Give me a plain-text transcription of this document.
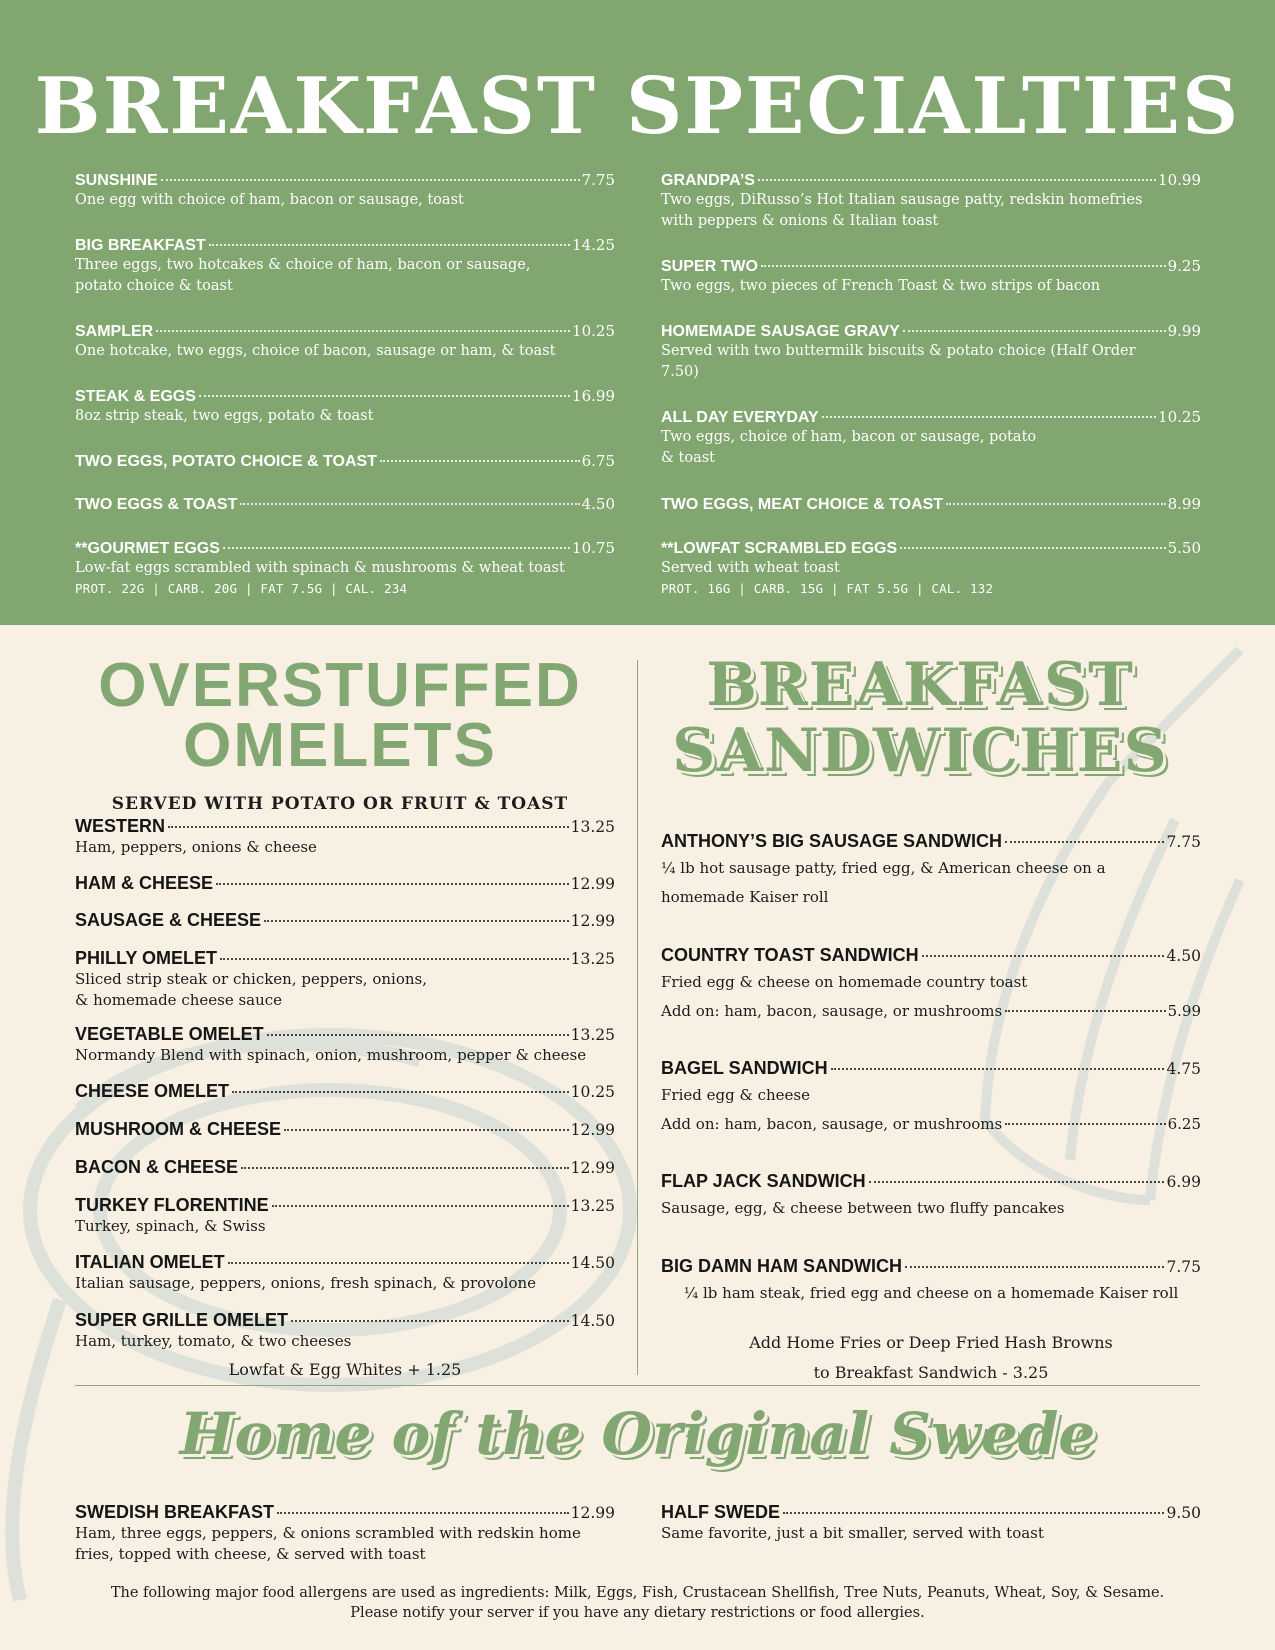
BREAKFAST SPECIALTIES
SUNSHINE	7.75
One egg with choice of ham, bacon or sausage, toast
BIG BREAKFAST	14.25
Three eggs, two hotcakes & choice of ham, bacon or sausage,
potato choice & toast
SAMPLER	10.25
One hotcake, two eggs, choice of bacon, sausage or ham, & toast
STEAK & EGGS	16.99
8oz strip steak, two eggs, potato & toast
TWO EGGS, POTATO CHOICE & TOAST	6.75
TWO EGGS & TOAST	4.50
**GOURMET EGGS	10.75
Low-fat eggs scrambled with spinach & mushrooms & wheat toast
PROT. 22G | CARB. 20G | FAT 7.5G | CAL. 234
GRANDPA’S	10.99
Two eggs, DiRusso’s Hot Italian sausage patty, redskin homefries
with peppers & onions & Italian toast
SUPER TWO	9.25
Two eggs, two pieces of French Toast & two strips of bacon
HOMEMADE SAUSAGE GRAVY	9.99
Served with two buttermilk biscuits & potato choice (Half Order
7.50)
ALL DAY EVERYDAY	10.25
Two eggs, choice of ham, bacon or sausage, potato
& toast
TWO EGGS, MEAT CHOICE & TOAST	8.99
**LOWFAT SCRAMBLED EGGS	5.50
Served with wheat toast
PROT. 16G | CARB. 15G | FAT 5.5G | CAL. 132
OVERSTUFFED
OMELETS
SERVED WITH POTATO OR FRUIT & TOAST
WESTERN	13.25
Ham, peppers, onions & cheese
HAM & CHEESE	12.99
SAUSAGE & CHEESE	12.99
PHILLY OMELET	13.25
Sliced strip steak or chicken, peppers, onions,
& homemade cheese sauce
VEGETABLE OMELET	13.25
Normandy Blend with spinach, onion, mushroom, pepper & cheese
CHEESE OMELET	10.25
MUSHROOM & CHEESE	12.99
BACON & CHEESE	12.99
TURKEY FLORENTINE	13.25
Turkey, spinach, & Swiss
ITALIAN OMELET	14.50
Italian sausage, peppers, onions, fresh spinach, & provolone
SUPER GRILLE OMELET	14.50
Ham, turkey, tomato, & two cheeses
Lowfat & Egg Whites + 1.25
BREAKFAST
SANDWICHES
ANTHONY’S BIG SAUSAGE SANDWICH	7.75
¼ lb hot sausage patty, fried egg, & American cheese on a
homemade Kaiser roll
COUNTRY TOAST SANDWICH	4.50
Fried egg & cheese on homemade country toast
Add on: ham, bacon, sausage, or mushrooms	5.99
BAGEL SANDWICH	4.75
Fried egg & cheese
Add on: ham, bacon, sausage, or mushrooms	6.25
FLAP JACK SANDWICH	6.99
Sausage, egg, & cheese between two fluffy pancakes
BIG DAMN HAM SANDWICH	7.75
¼ lb ham steak, fried egg and cheese on a homemade Kaiser roll
Add Home Fries or Deep Fried Hash Browns
to Breakfast Sandwich - 3.25
Home of the Original Swede
SWEDISH BREAKFAST	12.99
Ham, three eggs, peppers, & onions scrambled with redskin home
fries, topped with cheese, & served with toast
HALF SWEDE	9.50
Same favorite, just a bit smaller, served with toast
The following major food allergens are used as ingredients: Milk, Eggs, Fish, Crustacean Shellfish, Tree Nuts, Peanuts, Wheat, Soy, & Sesame.
Please notify your server if you have any dietary restrictions or food allergies.
